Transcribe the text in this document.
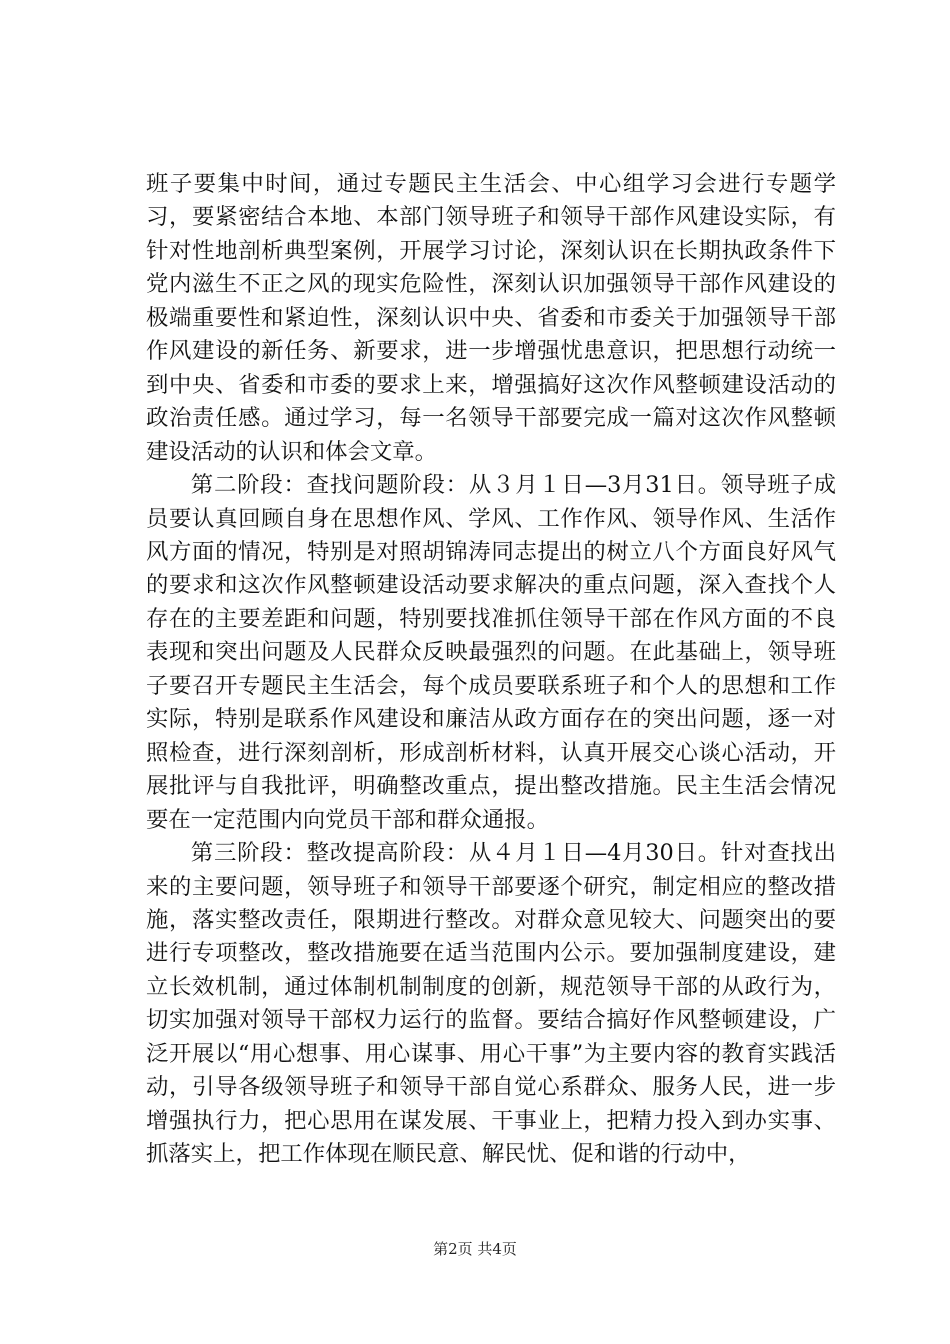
班子要集中时间，通过专题民主生活会、中心组学习会进行专题学习，要紧密结合本地、本部门领导班子和领导干部作风建设实际，有针对性地剖析典型案例，开展学习讨论，深刻认识在长期执政条件下党内滋生不正之风的现实危险性，深刻认识加强领导干部作风建设的极端重要性和紧迫性，深刻认识中央、省委和市委关于加强领导干部作风建设的新任务、新要求，进一步增强忧患意识，把思想行动统一到中央、省委和市委的要求上来，增强搞好这次作风整顿建设活动的政治责任感。通过学习，每一名领导干部要完成一篇对这次作风整顿建设活动的认识和体会文章。

第二阶段：查找问题阶段：从３月１日—3月31日。领导班子成员要认真回顾自身在思想作风、学风、工作作风、领导作风、生活作风方面的情况，特别是对照胡锦涛同志提出的树立八个方面良好风气的要求和这次作风整顿建设活动要求解决的重点问题，深入查找个人存在的主要差距和问题，特别要找准抓住领导干部在作风方面的不良表现和突出问题及人民群众反映最强烈的问题。在此基础上，领导班子要召开专题民主生活会，每个成员要联系班子和个人的思想和工作实际，特别是联系作风建设和廉洁从政方面存在的突出问题，逐一对照检查，进行深刻剖析，形成剖析材料，认真开展交心谈心活动，开展批评与自我批评，明确整改重点，提出整改措施。民主生活会情况要在一定范围内向党员干部和群众通报。

第三阶段：整改提高阶段：从４月１日—4月30日。针对查找出来的主要问题，领导班子和领导干部要逐个研究，制定相应的整改措施，落实整改责任，限期进行整改。对群众意见较大、问题突出的要进行专项整改，整改措施要在适当范围内公示。要加强制度建设，建立长效机制，通过体制机制制度的创新，规范领导干部的从政行为，切实加强对领导干部权力运行的监督。要结合搞好作风整顿建设，广泛开展以“用心想事、用心谋事、用心干事”为主要内容的教育实践活动，引导各级领导班子和领导干部自觉心系群众、服务人民，进一步增强执行力，把心思用在谋发展、干事业上，把精力投入到办实事、抓落实上，把工作体现在顺民意、解民忧、促和谐的行动中，

第2页 共4页
